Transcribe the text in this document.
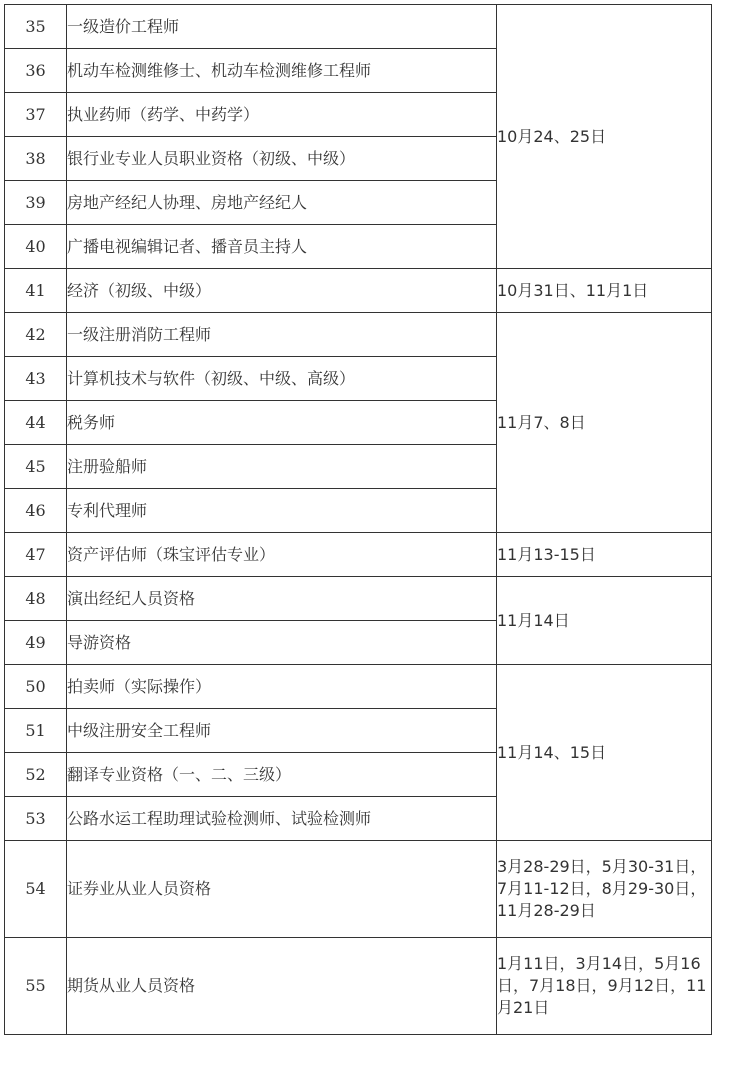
35	一级造价工程师	10月24、25日
36	机动车检测维修士、机动车检测维修工程师	
37	执业药师（药学、中药学）	
38	银行业专业人员职业资格（初级、中级）	
39	房地产经纪人协理、房地产经纪人	
40	广播电视编辑记者、播音员主持人	
41	经济（初级、中级）	10月31日、11月1日
42	一级注册消防工程师	11月7、8日
43	计算机技术与软件（初级、中级、高级）	
44	税务师	
45	注册验船师	
46	专利代理师	
47	资产评估师（珠宝评估专业）	11月13-15日
48	演出经纪人员资格	11月14日
49	导游资格	
50	拍卖师（实际操作）	11月14、15日
51	中级注册安全工程师	
52	翻译专业资格（一、二、三级）	
53	公路水运工程助理试验检测师、试验检测师	
54	证券业从业人员资格	3月28-29日，5月30-31日，7月11-12日，8月29-30日，11月28-29日
55	期货从业人员资格	1月11日，3月14日，5月16日，7月18日，9月12日，11月21日
